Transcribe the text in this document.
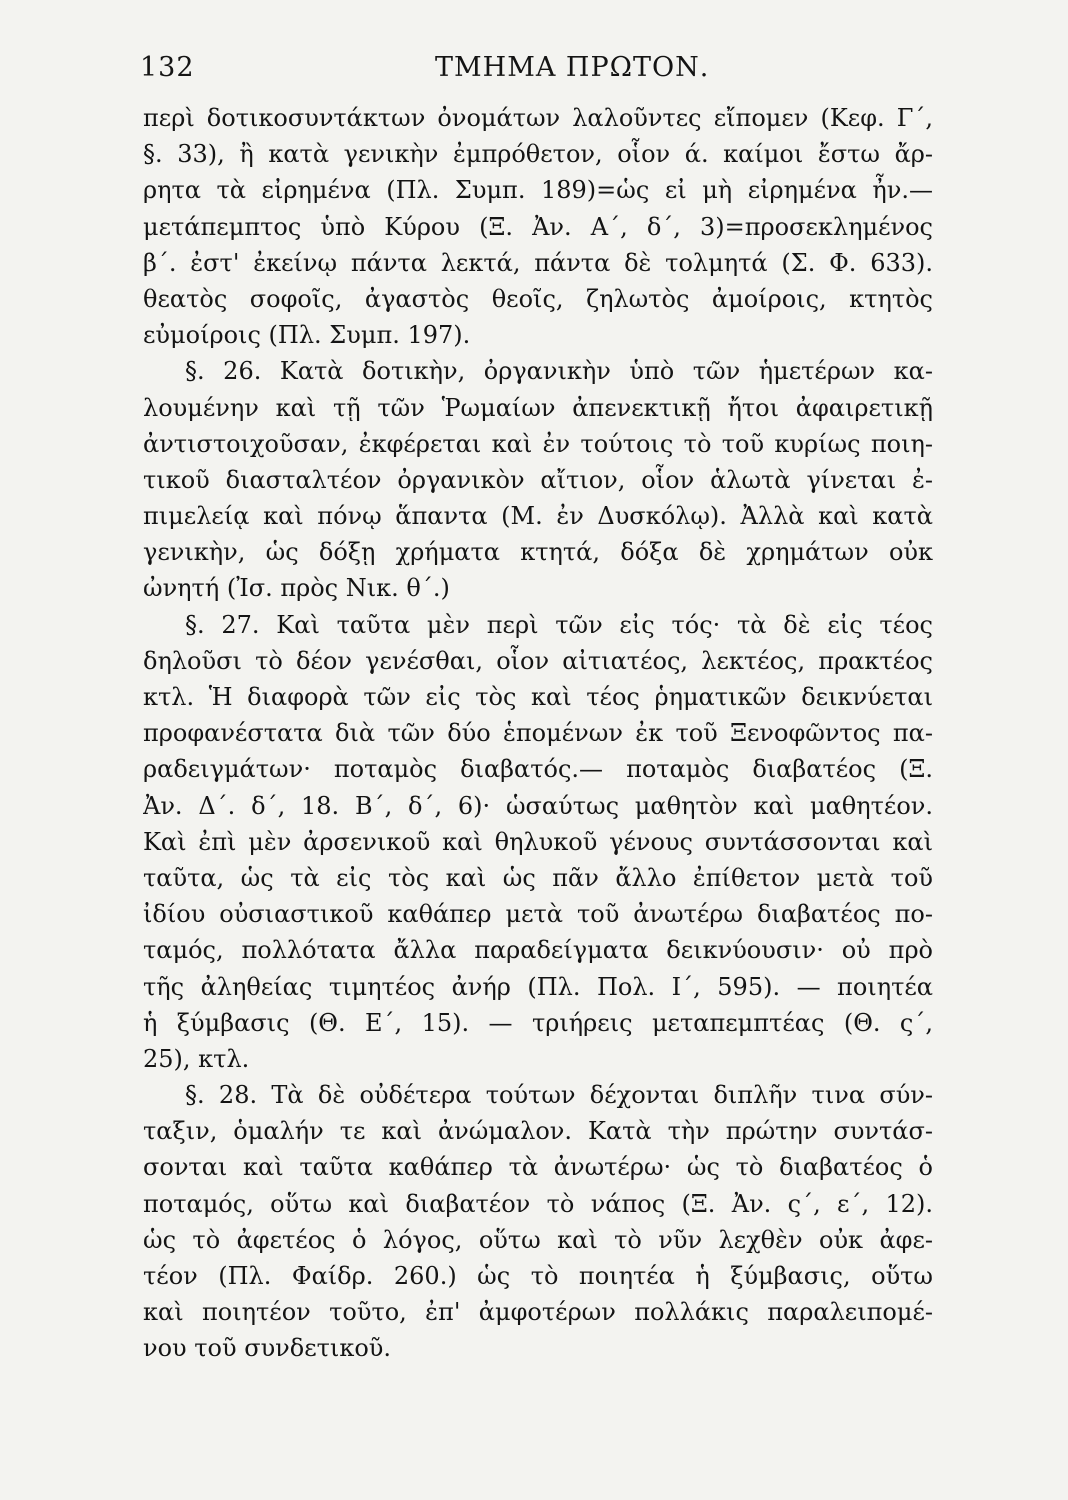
132	ΤΜΗΜΑ ΠΡΩΤΟΝ.
περὶ δοτικοσυντάκτων ὀνομάτων λαλοῦντες εἴπομεν (Κεφ. Γ΄,
§. 33), ἢ κατὰ γενικὴν ἐμπρόθετον, οἷον ά. καίμοι ἔστω ἄρ-
ρητα τὰ εἰρημένα (Πλ. Συμπ. 189)=ὡς εἰ μὴ εἰρημένα ἦν.—
μετάπεμπτος ὑπὸ Κύρου (Ξ. Ἀν. Α΄, δ΄, 3)=προσεκλημένος
β΄. ἐστ' ἐκείνῳ πάντα λεκτά, πάντα δὲ τολμητά (Σ. Φ. 633).
θεατὸς σοφοῖς, ἀγαστὸς θεοῖς, ζηλωτὸς ἀμοίροις, κτητὸς
εὐμοίροις (Πλ. Συμπ. 197).
§. 26. Κατὰ δοτικὴν, ὀργανικὴν ὑπὸ τῶν ἡμετέρων κα-
λουμένην καὶ τῇ τῶν Ῥωμαίων ἀπενεκτικῇ ἤτοι ἀφαιρετικῇ
ἀντιστοιχοῦσαν, ἐκφέρεται καὶ ἐν τούτοις τὸ τοῦ κυρίως ποιη-
τικοῦ διασταλτέον ὀργανικὸν αἴτιον, οἷον ἁλωτὰ γίνεται ἐ-
πιμελείᾳ καὶ πόνῳ ἅπαντα (Μ. ἐν Δυσκόλῳ). Ἀλλὰ καὶ κατὰ
γενικὴν, ὡς δόξῃ χρήματα κτητά, δόξα δὲ χρημάτων οὐκ
ὠνητή (Ἰσ. πρὸς Νικ. θ΄.)
§. 27. Καὶ ταῦτα μὲν περὶ τῶν εἰς τός· τὰ δὲ εἰς τέος
δηλοῦσι τὸ δέον γενέσθαι, οἷον αἰτιατέος, λεκτέος, πρακτέος
κτλ. Ἡ διαφορὰ τῶν εἰς τὸς καὶ τέος ῥηματικῶν δεικνύεται
προφανέστατα διὰ τῶν δύο ἑπομένων ἐκ τοῦ Ξενοφῶντος πα-
ραδειγμάτων· ποταμὸς διαβατός.— ποταμὸς διαβατέος (Ξ.
Ἀν. Δ΄. δ΄, 18. Β΄, δ΄, 6)· ὡσαύτως μαθητὸν καὶ μαθητέον.
Καὶ ἐπὶ μὲν ἀρσενικοῦ καὶ θηλυκοῦ γένους συντάσσονται καὶ
ταῦτα, ὡς τὰ εἰς τὸς καὶ ὡς πᾶν ἄλλο ἐπίθετον μετὰ τοῦ
ἰδίου οὐσιαστικοῦ καθάπερ μετὰ τοῦ ἀνωτέρω διαβατέος πο-
ταμός, πολλότατα ἄλλα παραδείγματα δεικνύουσιν· οὐ πρὸ
τῆς ἀληθείας τιμητέος ἀνήρ (Πλ. Πολ. Ι΄, 595). — ποιητέα
ἡ ξύμβασις (Θ. Ε΄, 15). — τριήρεις μεταπεμπτέας (Θ. ς΄,
25), κτλ.
§. 28. Τὰ δὲ οὐδέτερα τούτων δέχονται διπλῆν τινα σύν-
ταξιν, ὁμαλήν τε καὶ ἀνώμαλον. Κατὰ τὴν πρώτην συντάσ-
σονται καὶ ταῦτα καθάπερ τὰ ἀνωτέρω· ὡς τὸ διαβατέος ὁ
ποταμός, οὕτω καὶ διαβατέον τὸ νάπος (Ξ. Ἀν. ς΄, ε΄, 12).
ὡς τὸ ἀφετέος ὁ λόγος, οὕτω καὶ τὸ νῦν λεχθὲν οὐκ ἀφε-
τέον (Πλ. Φαίδρ. 260.) ὡς τὸ ποιητέα ἡ ξύμβασις, οὕτω
καὶ ποιητέον τοῦτο, ἐπ' ἀμφοτέρων πολλάκις παραλειπομέ-
νου τοῦ συνδετικοῦ.
